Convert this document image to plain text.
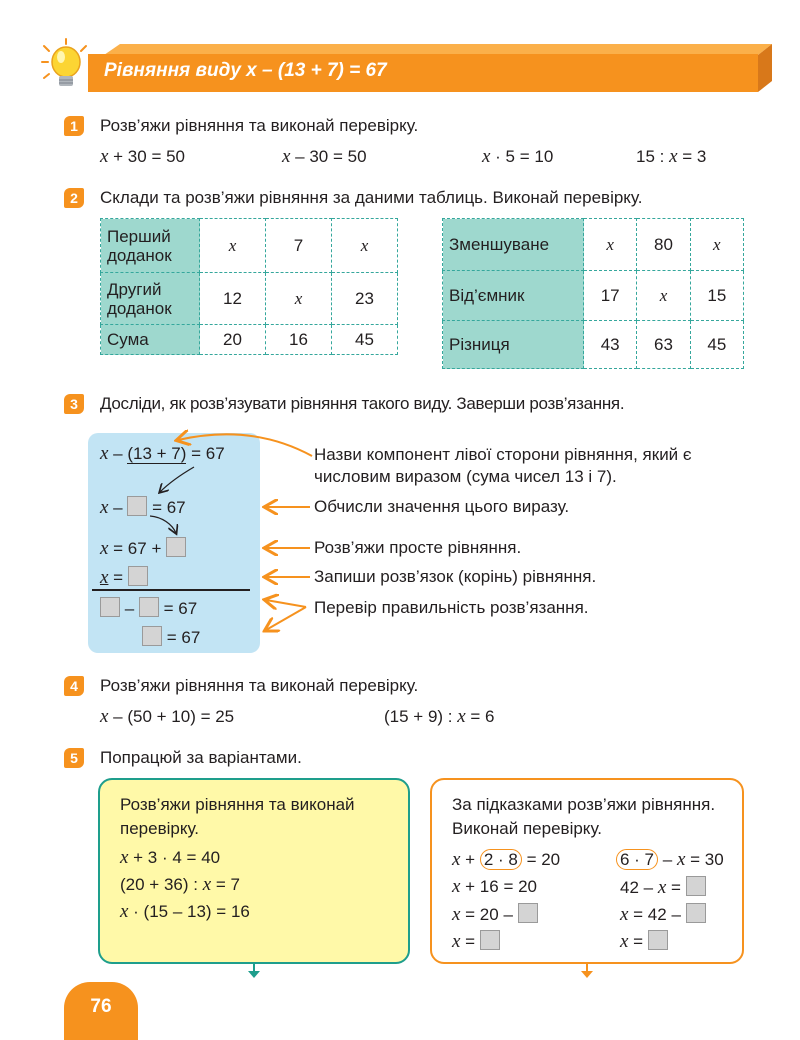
Рівняння виду x – (13 + 7) = 67
1	Розв’яжи рівняння та виконай перевірку.
x + 30 = 50	x – 30 = 50	x · 5 = 10	15 : x = 3
2	Склади та розв’яжи рівняння за даними таблиць. Виконай перевірку.
Перший доданок	x	7	x
Другий доданок	12	x	23
Сума	20	16	45
Зменшуване	x	80	x
Від’ємник	17	x	15
Різниця	43	63	45
3	Досліди, як розв’язувати рівняння такого виду. Заверши розв’язання.
x – (13 + 7) = 67
x –  = 67
x = 67 +
x =
–  = 67
= 67
Назви компонент лівої сторони рівняння, який є числовим виразом (сума чисел 13 і 7).
Обчисли значення цього виразу.
Розв’яжи просте рівняння.
Запиши розв’язок (корінь) рівняння.
Перевір правильність розв’язання.
4	Розв’яжи рівняння та виконай перевірку.
x – (50 + 10) = 25	(15 + 9) : x = 6
5	Попрацюй за варіантами.
Розв’яжи рівняння та виконай перевірку.
x + 3 · 4 = 40
(20 + 36) : x = 7
x · (15 – 13) = 16
За підказками розв’яжи рівняння. Виконай перевірку.
x + 2 · 8 = 20
x + 16 = 20
x = 20 –
x =
6 · 7 – x = 30
42 – x =
x = 42 –
x =
76
